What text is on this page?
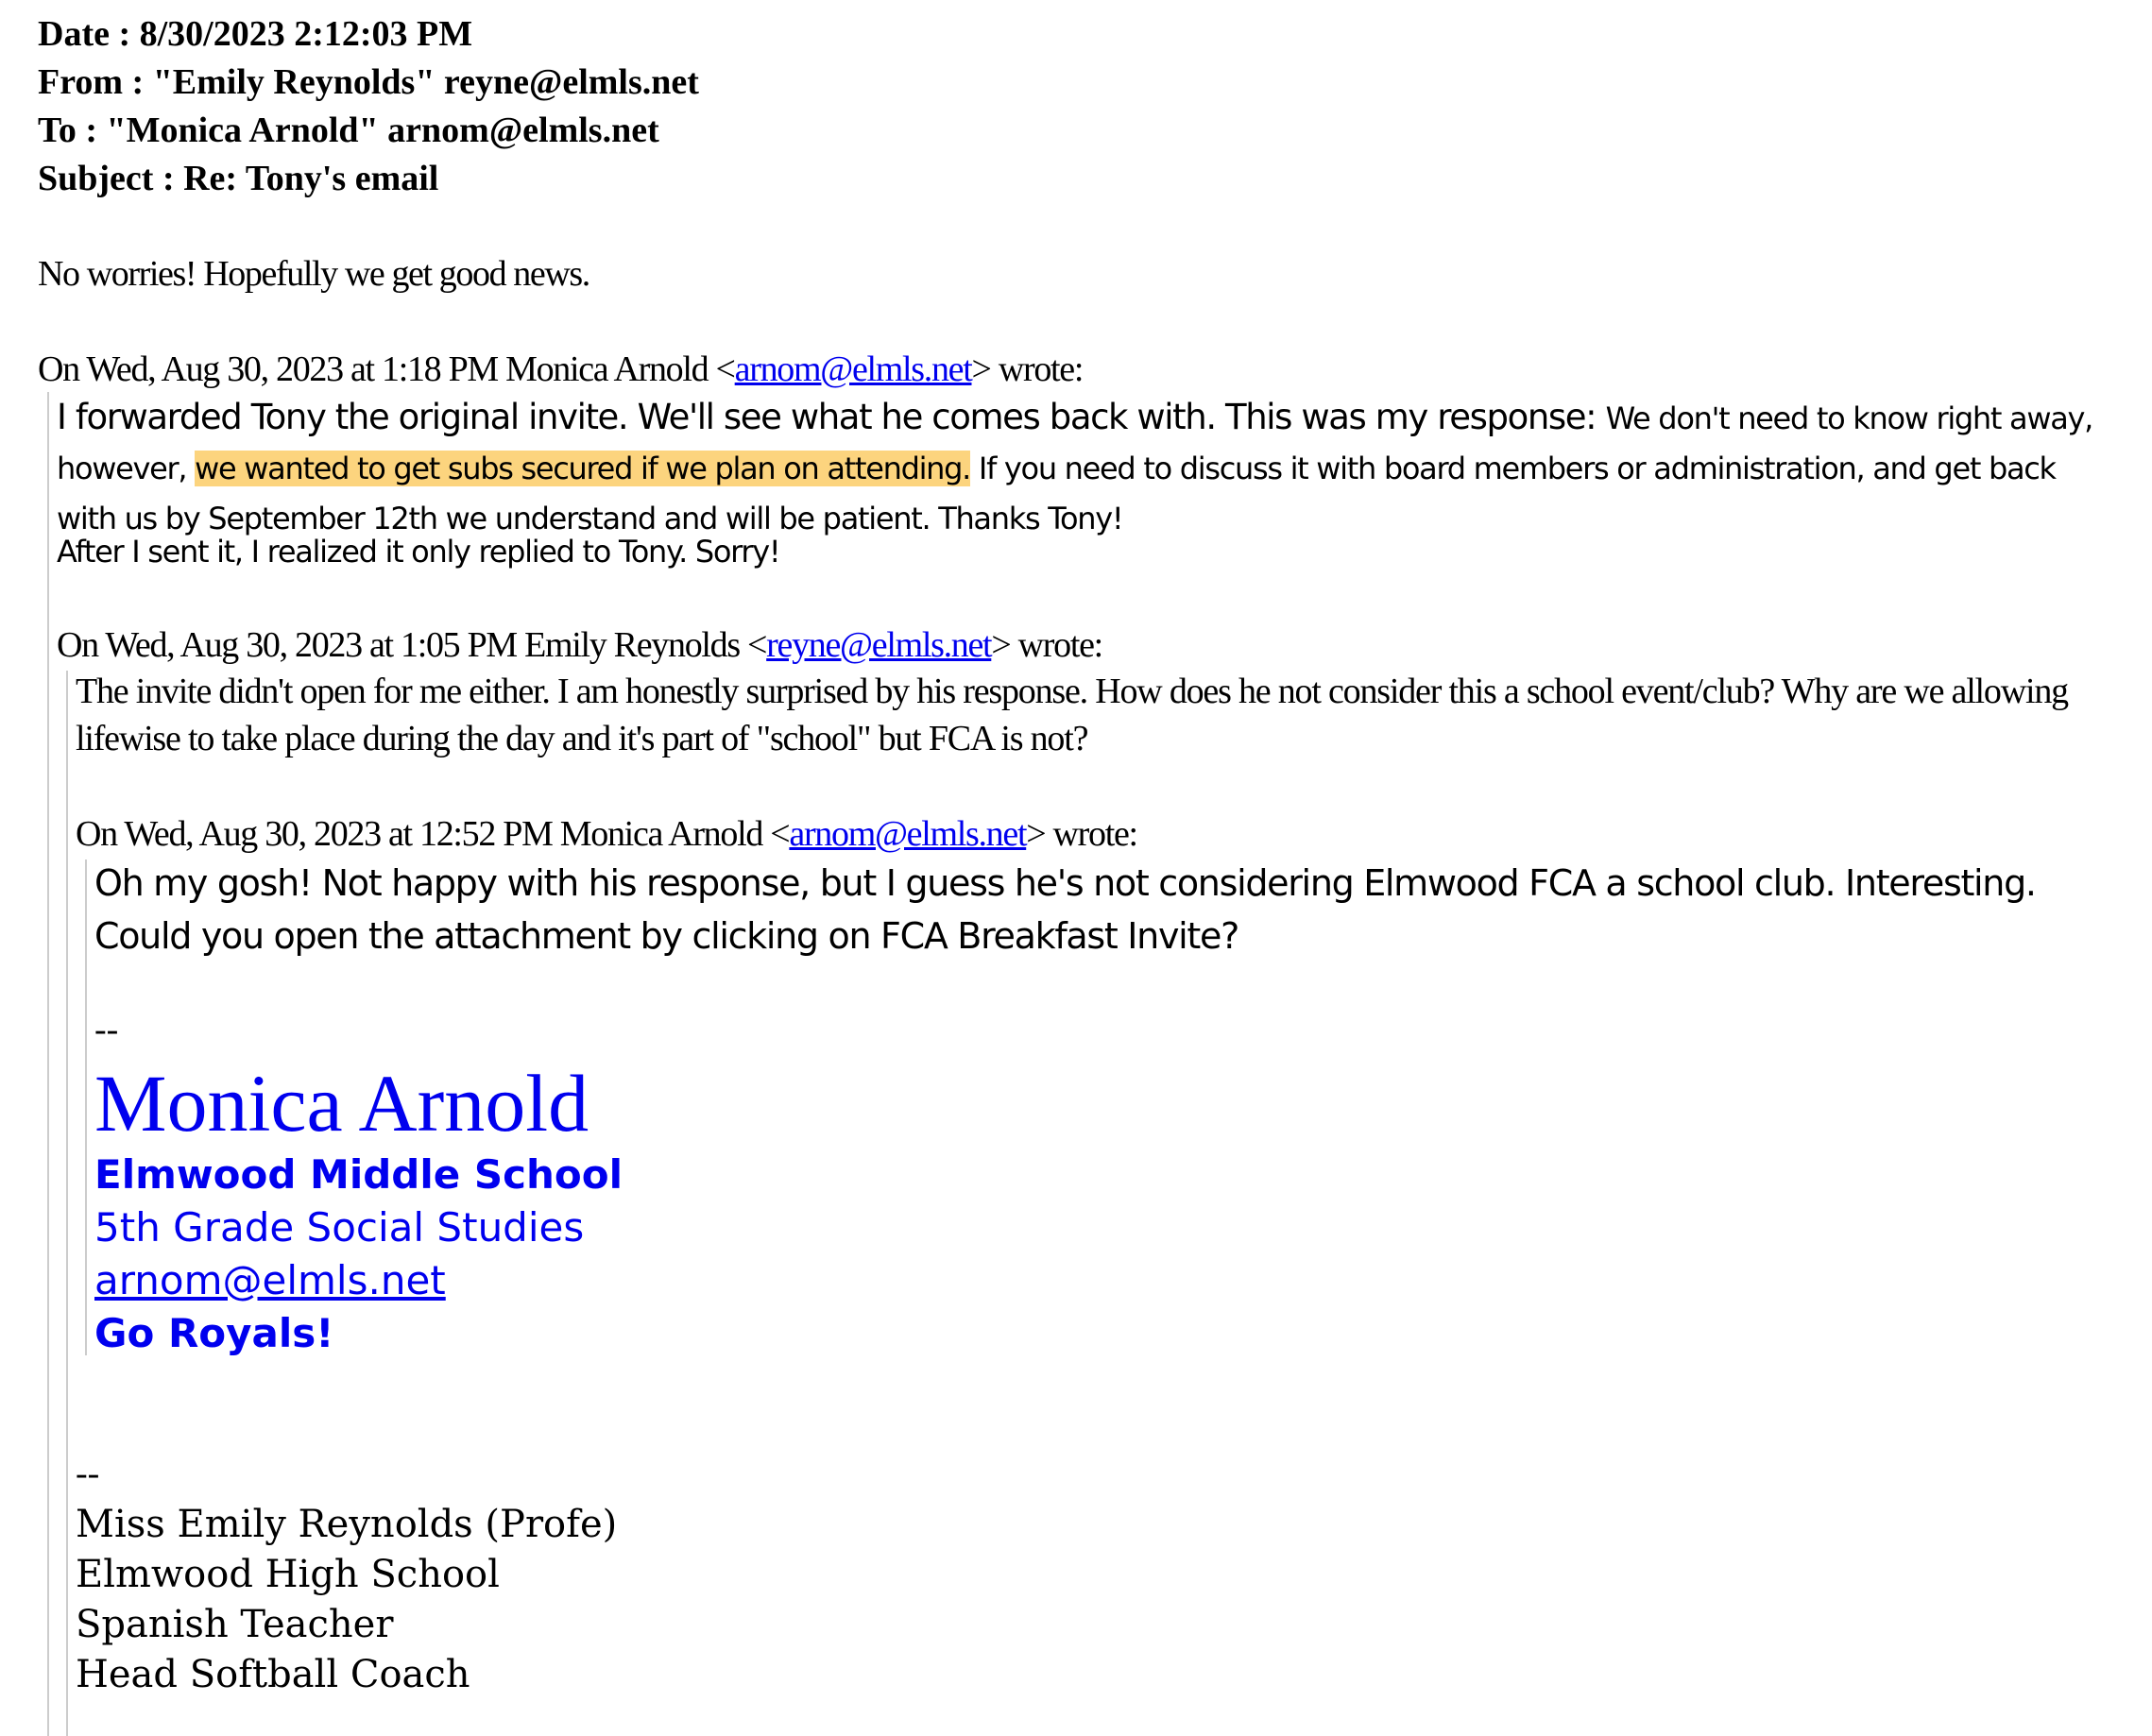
Date : 8/30/2023 2:12:03 PM
From : "Emily Reynolds" reyne@elmls.net
To : "Monica Arnold" arnom@elmls.net
Subject : Re: Tony's email
No worries! Hopefully we get good news.
On Wed, Aug 30, 2023 at 1:18 PM Monica Arnold <arnom@elmls.net> wrote:
I forwarded Tony the original invite. We'll see what he comes back with. This was my response: We don't need to know right away, however, we wanted to get subs secured if we plan on attending. If you need to discuss it with board members or administration, and get back with us by September 12th we understand and will be patient. Thanks Tony!
After I sent it, I realized it only replied to Tony. Sorry!
On Wed, Aug 30, 2023 at 1:05 PM Emily Reynolds <reyne@elmls.net> wrote:
The invite didn't open for me either. I am honestly surprised by his response. How does he not consider this a school event/club? Why are we allowing lifewise to take place during the day and it's part of "school" but FCA is not?
On Wed, Aug 30, 2023 at 12:52 PM Monica Arnold <arnom@elmls.net> wrote:
Oh my gosh! Not happy with his response, but I guess he's not considering Elmwood FCA a school club. Interesting. Could you open the attachment by clicking on FCA Breakfast Invite?
--
Monica Arnold
Elmwood Middle School
5th Grade Social Studies
arnom@elmls.net
Go Royals!
--
Miss Emily Reynolds (Profe)
Elmwood High School
Spanish Teacher
Head Softball Coach
